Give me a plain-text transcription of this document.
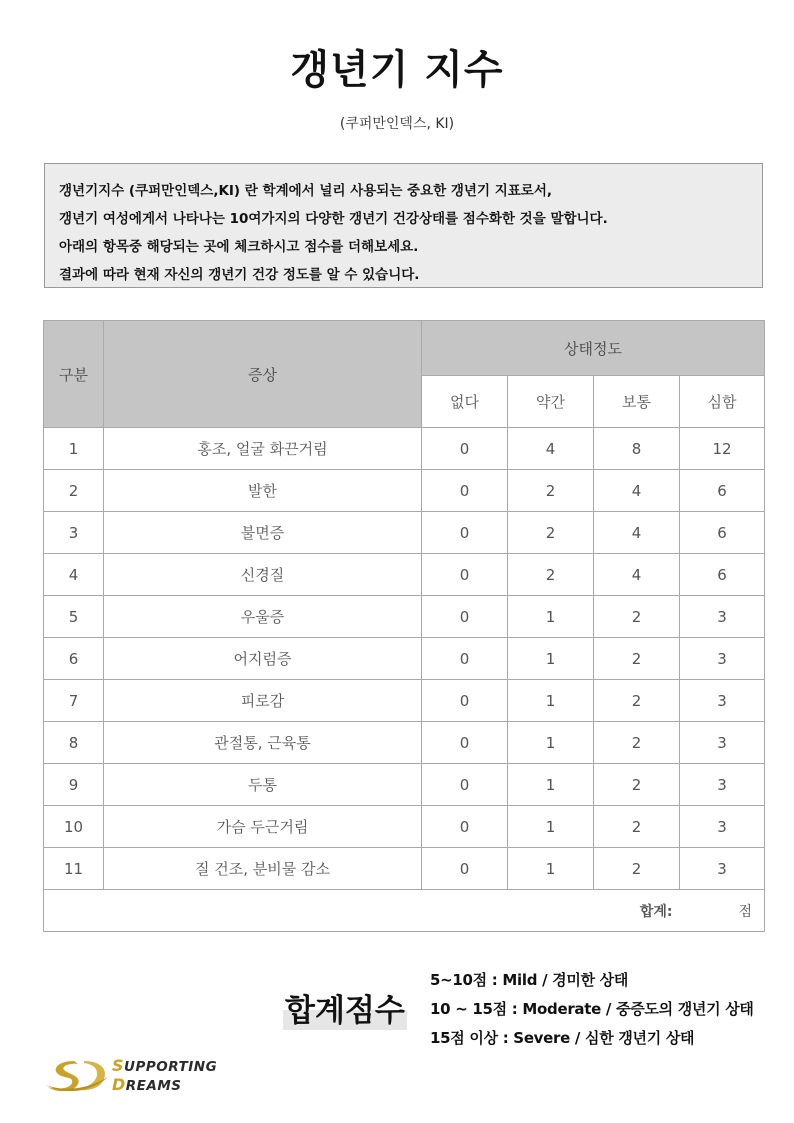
갱년기 지수
(쿠퍼만인덱스, KI)
갱년기지수 (쿠퍼만인덱스,KI) 란 학계에서 널리 사용되는 중요한 갱년기 지표로서,
갱년기 여성에게서 나타나는 10여가지의 다양한 갱년기 건강상태를 점수화한 것을 말합니다.
아래의 항목중 해당되는 곳에 체크하시고 점수를 더해보세요.
결과에 따라 현재 자신의 갱년기 건강 정도를 알 수 있습니다.
구분	증상	상태정도			
		없다	약간	보통	심함
1	홍조, 얼굴 화끈거림	0	4	8	12
2	발한	0	2	4	6
3	불면증	0	2	4	6
4	신경질	0	2	4	6
5	우울증	0	1	2	3
6	어지럼증	0	1	2	3
7	피로감	0	1	2	3
8	관절통, 근육통	0	1	2	3
9	두통	0	1	2	3
10	가슴 두근거림	0	1	2	3
11	질 건조, 분비물 감소	0	1	2	3
합계: 점					
합계점수
5~10점 : Mild / 경미한 상태
10 ~ 15점 : Moderate / 중증도의 갱년기 상태
15점 이상 : Severe / 심한 갱년기 상태
SUPPORTING
DREAMS
